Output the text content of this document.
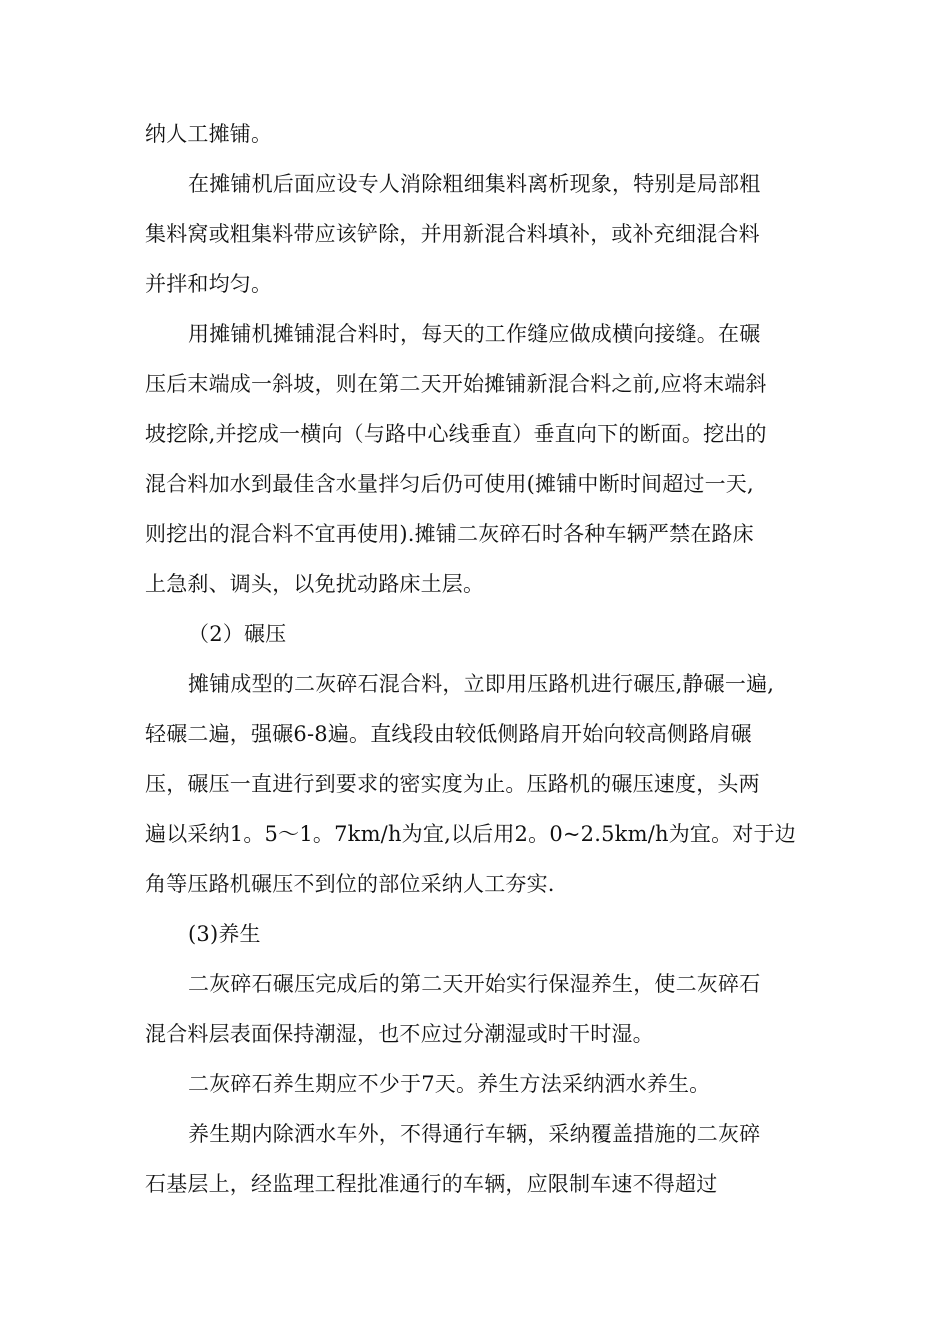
纳人工摊铺。
在摊铺机后面应设专人消除粗细集料离析现象，特别是局部粗
集料窝或粗集料带应该铲除，并用新混合料填补，或补充细混合料
并拌和均匀。
用摊铺机摊铺混合料时，每天的工作缝应做成横向接缝。在碾
压后末端成一斜坡，则在第二天开始摊铺新混合料之前,应将末端斜
坡挖除,并挖成一横向（与路中心线垂直）垂直向下的断面。挖出的
混合料加水到最佳含水量拌匀后仍可使用(摊铺中断时间超过一天,
则挖出的混合料不宜再使用).摊铺二灰碎石时各种车辆严禁在路床
上急刹、调头，以免扰动路床土层。
（2）碾压
摊铺成型的二灰碎石混合料，立即用压路机进行碾压,静碾一遍,
轻碾二遍，强碾6-8遍。直线段由较低侧路肩开始向较高侧路肩碾
压，碾压一直进行到要求的密实度为止。压路机的碾压速度，头两
遍以采纳1。5～1。7km/h为宜,以后用2。0~2.5km/h为宜。对于边
角等压路机碾压不到位的部位采纳人工夯实.
(3)养生
二灰碎石碾压完成后的第二天开始实行保湿养生，使二灰碎石
混合料层表面保持潮湿，也不应过分潮湿或时干时湿。
二灰碎石养生期应不少于7天。养生方法采纳洒水养生。
养生期内除洒水车外，不得通行车辆，采纳覆盖措施的二灰碎
石基层上，经监理工程批准通行的车辆，应限制车速不得超过
